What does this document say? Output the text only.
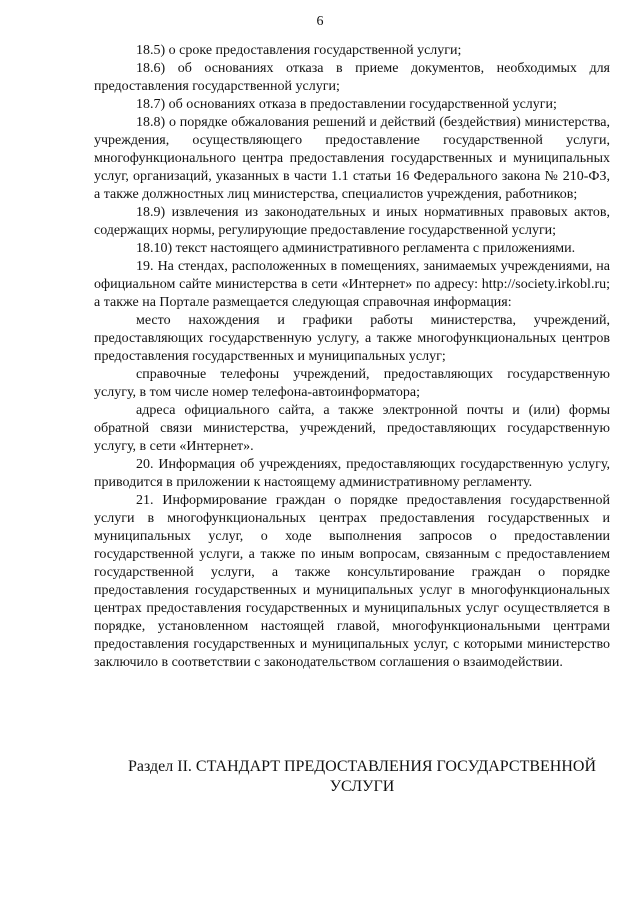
6

18.5) о сроке предоставления государственной услуги;

18.6) об основаниях отказа в приеме документов, необходимых для предоставления государственной услуги;

18.7) об основаниях отказа в предоставлении государственной услуги;

18.8) о порядке обжалования решений и действий (бездействия) министерства, учреждения, осуществляющего предоставление государственной услуги, многофункционального центра предоставления государственных и муниципальных услуг, организаций, указанных в части 1.1 статьи 16 Федерального закона № 210-ФЗ, а также должностных лиц министерства, специалистов учреждения, работников;

18.9) извлечения из законодательных и иных нормативных правовых актов, содержащих нормы, регулирующие предоставление государственной услуги;

18.10) текст настоящего административного регламента с приложениями.

19. На стендах, расположенных в помещениях, занимаемых учреждениями, на официальном сайте министерства в сети «Интернет» по адресу: http://society.irkobl.ru; а также на Портале размещается следующая справочная информация:

место нахождения и графики работы министерства, учреждений, предоставляющих государственную услугу, а также многофункциональных центров предоставления государственных и муниципальных услуг;

справочные телефоны учреждений, предоставляющих государственную услугу, в том числе номер телефона-автоинформатора;

адреса официального сайта, а также электронной почты и (или) формы обратной связи министерства, учреждений, предоставляющих государственную услугу, в сети «Интернет».

20. Информация об учреждениях, предоставляющих государственную услугу, приводится в приложении к настоящему административному регламенту.

21. Информирование граждан о порядке предоставления государственной услуги в многофункциональных центрах предоставления государственных и муниципальных услуг, о ходе выполнения запросов о предоставлении государственной услуги, а также по иным вопросам, связанным с предоставлением государственной услуги, а также консультирование граждан о порядке предоставления государственных и муниципальных услуг в многофункциональных центрах предоставления государственных и муниципальных услуг осуществляется в порядке, установленном настоящей главой, многофункциональными центрами предоставления государственных и муниципальных услуг, с которыми министерство заключило в соответствии с законодательством соглашения о взаимодействии.

Раздел II. СТАНДАРТ ПРЕДОСТАВЛЕНИЯ ГОСУДАРСТВЕННОЙ УСЛУГИ
